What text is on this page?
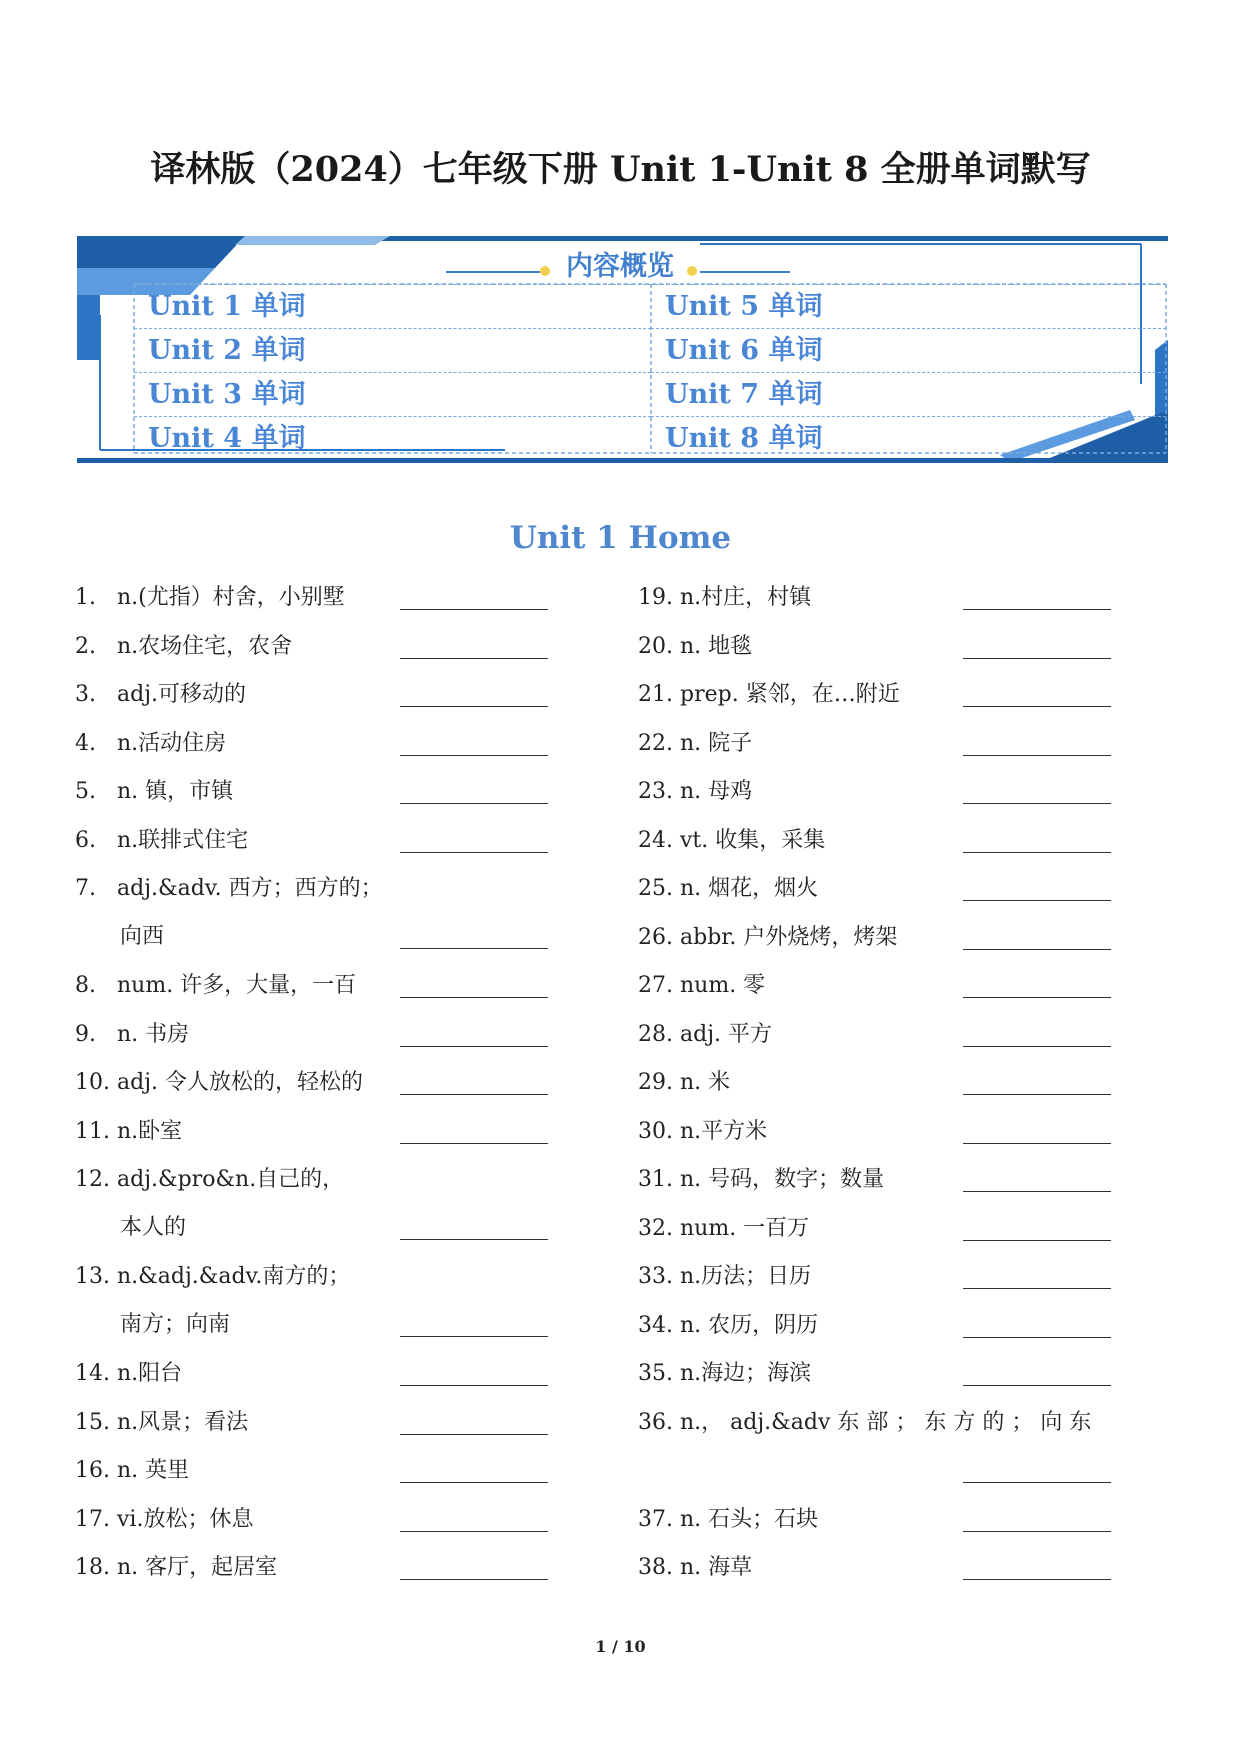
译林版（2024）七年级下册 Unit 1-Unit 8 全册单词默写
内容概览
Unit 1 单词
Unit 2 单词
Unit 3 单词
Unit 4 单词
Unit 5 单词
Unit 6 单词
Unit 7 单词
Unit 8 单词
Unit 1 Home
1. n.(尤指）村舍，小别墅
2. n.农场住宅，农舍
3. adj.可移动的
4. n.活动住房
5. n. 镇，市镇
6. n.联排式住宅
7. adj.&adv. 西方；西方的；
向西
8. num. 许多，大量，一百
9. n. 书房
10. adj. 令人放松的，轻松的
11. n.卧室
12. adj.&pro&n.自己的，
本人的
13. n.&adj.&adv.南方的；
南方；向南
14. n.阳台
15. n.风景；看法
16. n. 英里
17. vi.放松；休息
18. n. 客厅，起居室
19. n.村庄，村镇
20. n. 地毯
21. prep. 紧邻，在…附近
22. n. 院子
23. n. 母鸡
24. vt. 收集，采集
25. n. 烟花，烟火
26. abbr. 户外烧烤，烤架
27. num. 零
28. adj. 平方
29. n. 米
30. n.平方米
31. n. 号码，数字；数量
32. num. 一百万
33. n.历法；日历
34. n. 农历，阴历
35. n.海边；海滨
36. n.， adj.&adv 东 部 ； 东 方 的 ； 向 东
37. n. 石头；石块
38. n. 海草
1 / 10
